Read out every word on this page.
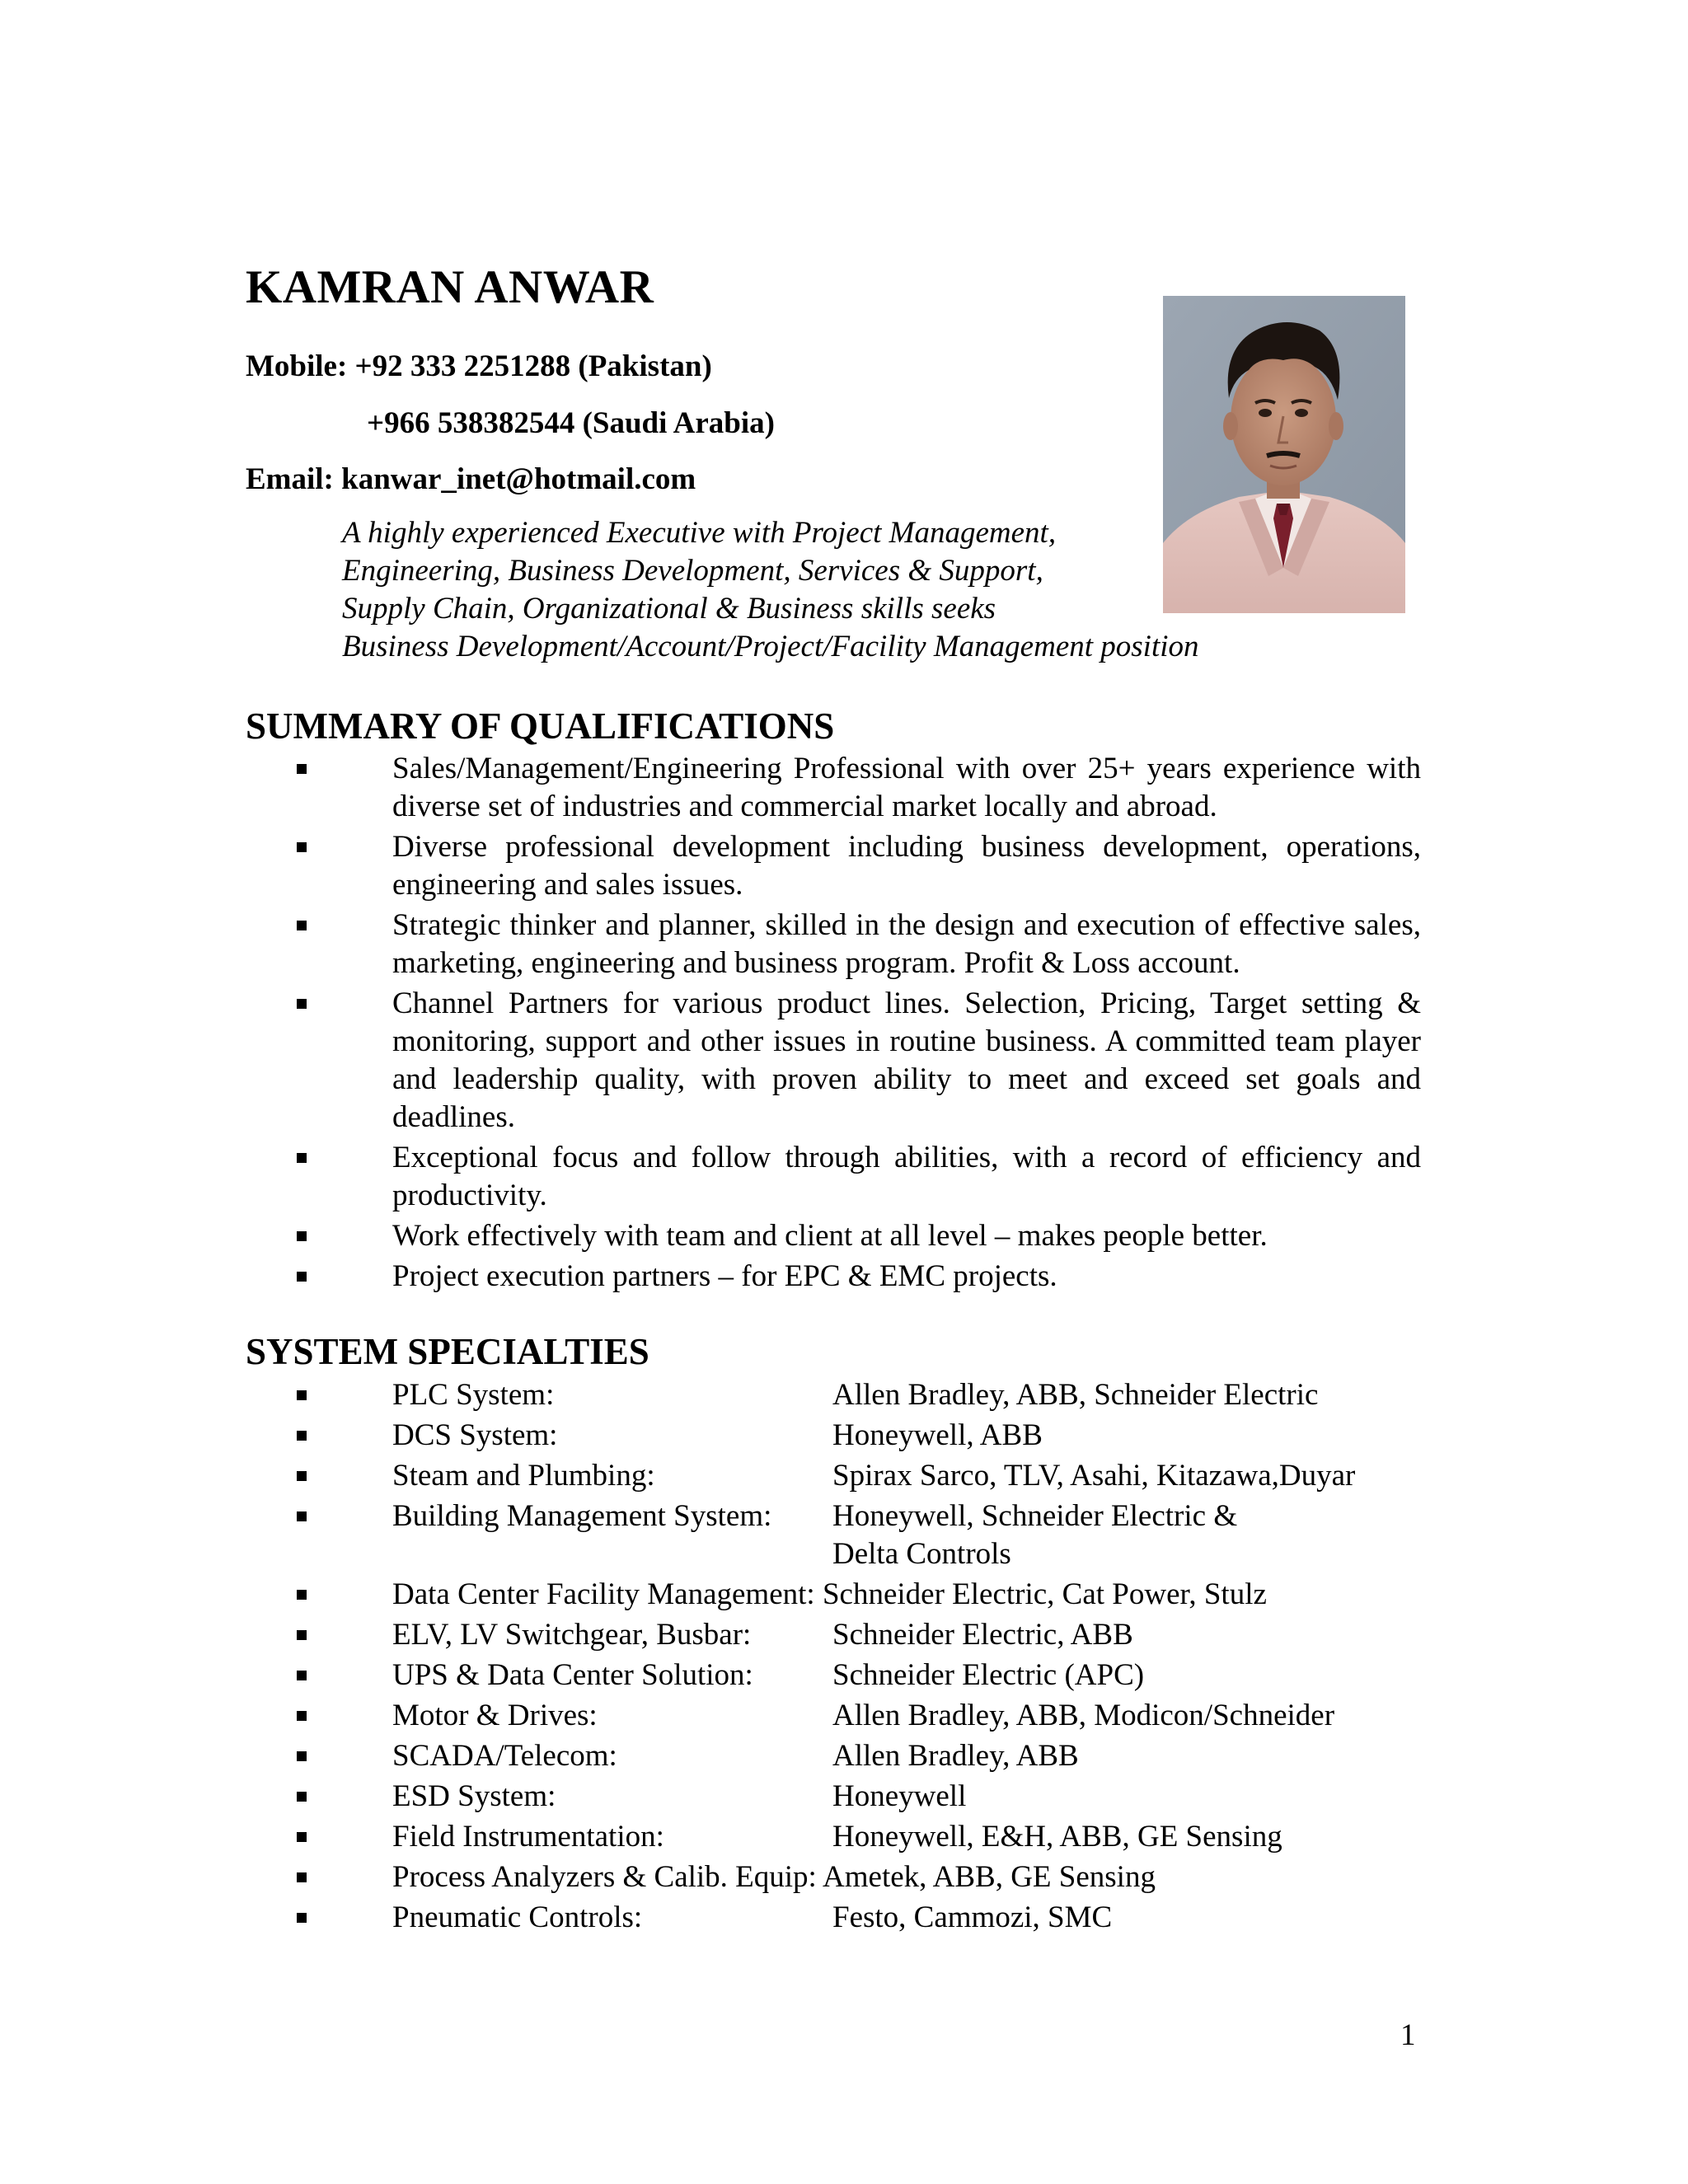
KAMRAN ANWAR
Mobile: +92 333 2251288 (Pakistan)
+966 538382544 (Saudi Arabia)
Email: kanwar_inet@hotmail.com
A highly experienced Executive with Project Management,
Engineering, Business Development, Services & Support,
Supply Chain, Organizational & Business skills seeks
Business Development/Account/Project/Facility Management position
SUMMARY OF QUALIFICATIONS
Sales/Management/Engineering Professional with over 25+ years experience with diverse set of industries and commercial market locally and abroad.
Diverse professional development including business development, operations, engineering and sales issues.
Strategic thinker and planner, skilled in the design and execution of effective sales, marketing, engineering and business program. Profit & Loss account.
Channel Partners for various product lines. Selection, Pricing, Target setting & monitoring, support and other issues in routine business. A committed team player and leadership quality, with proven ability to meet and exceed set goals and deadlines.
Exceptional focus and follow through abilities, with a record of efficiency and productivity.
Work effectively with team and client at all level – makes people better.
Project execution partners – for EPC & EMC projects.
SYSTEM SPECIALTIES
PLC System:	Allen Bradley, ABB, Schneider Electric
DCS System:	Honeywell, ABB
Steam and Plumbing:	Spirax Sarco, TLV, Asahi, Kitazawa,Duyar
Building Management System: Honeywell, Schneider Electric &
Delta Controls
Data Center Facility Management: Schneider Electric, Cat Power, Stulz
ELV, LV Switchgear, Busbar:	Schneider Electric, ABB
UPS & Data Center Solution:	Schneider Electric (APC)
Motor & Drives:	Allen Bradley, ABB, Modicon/Schneider
SCADA/Telecom:	Allen Bradley, ABB
ESD System:	Honeywell
Field Instrumentation:	Honeywell, E&H, ABB, GE Sensing
Process Analyzers & Calib. Equip: Ametek, ABB, GE Sensing
Pneumatic Controls:	Festo, Cammozi, SMC
1
